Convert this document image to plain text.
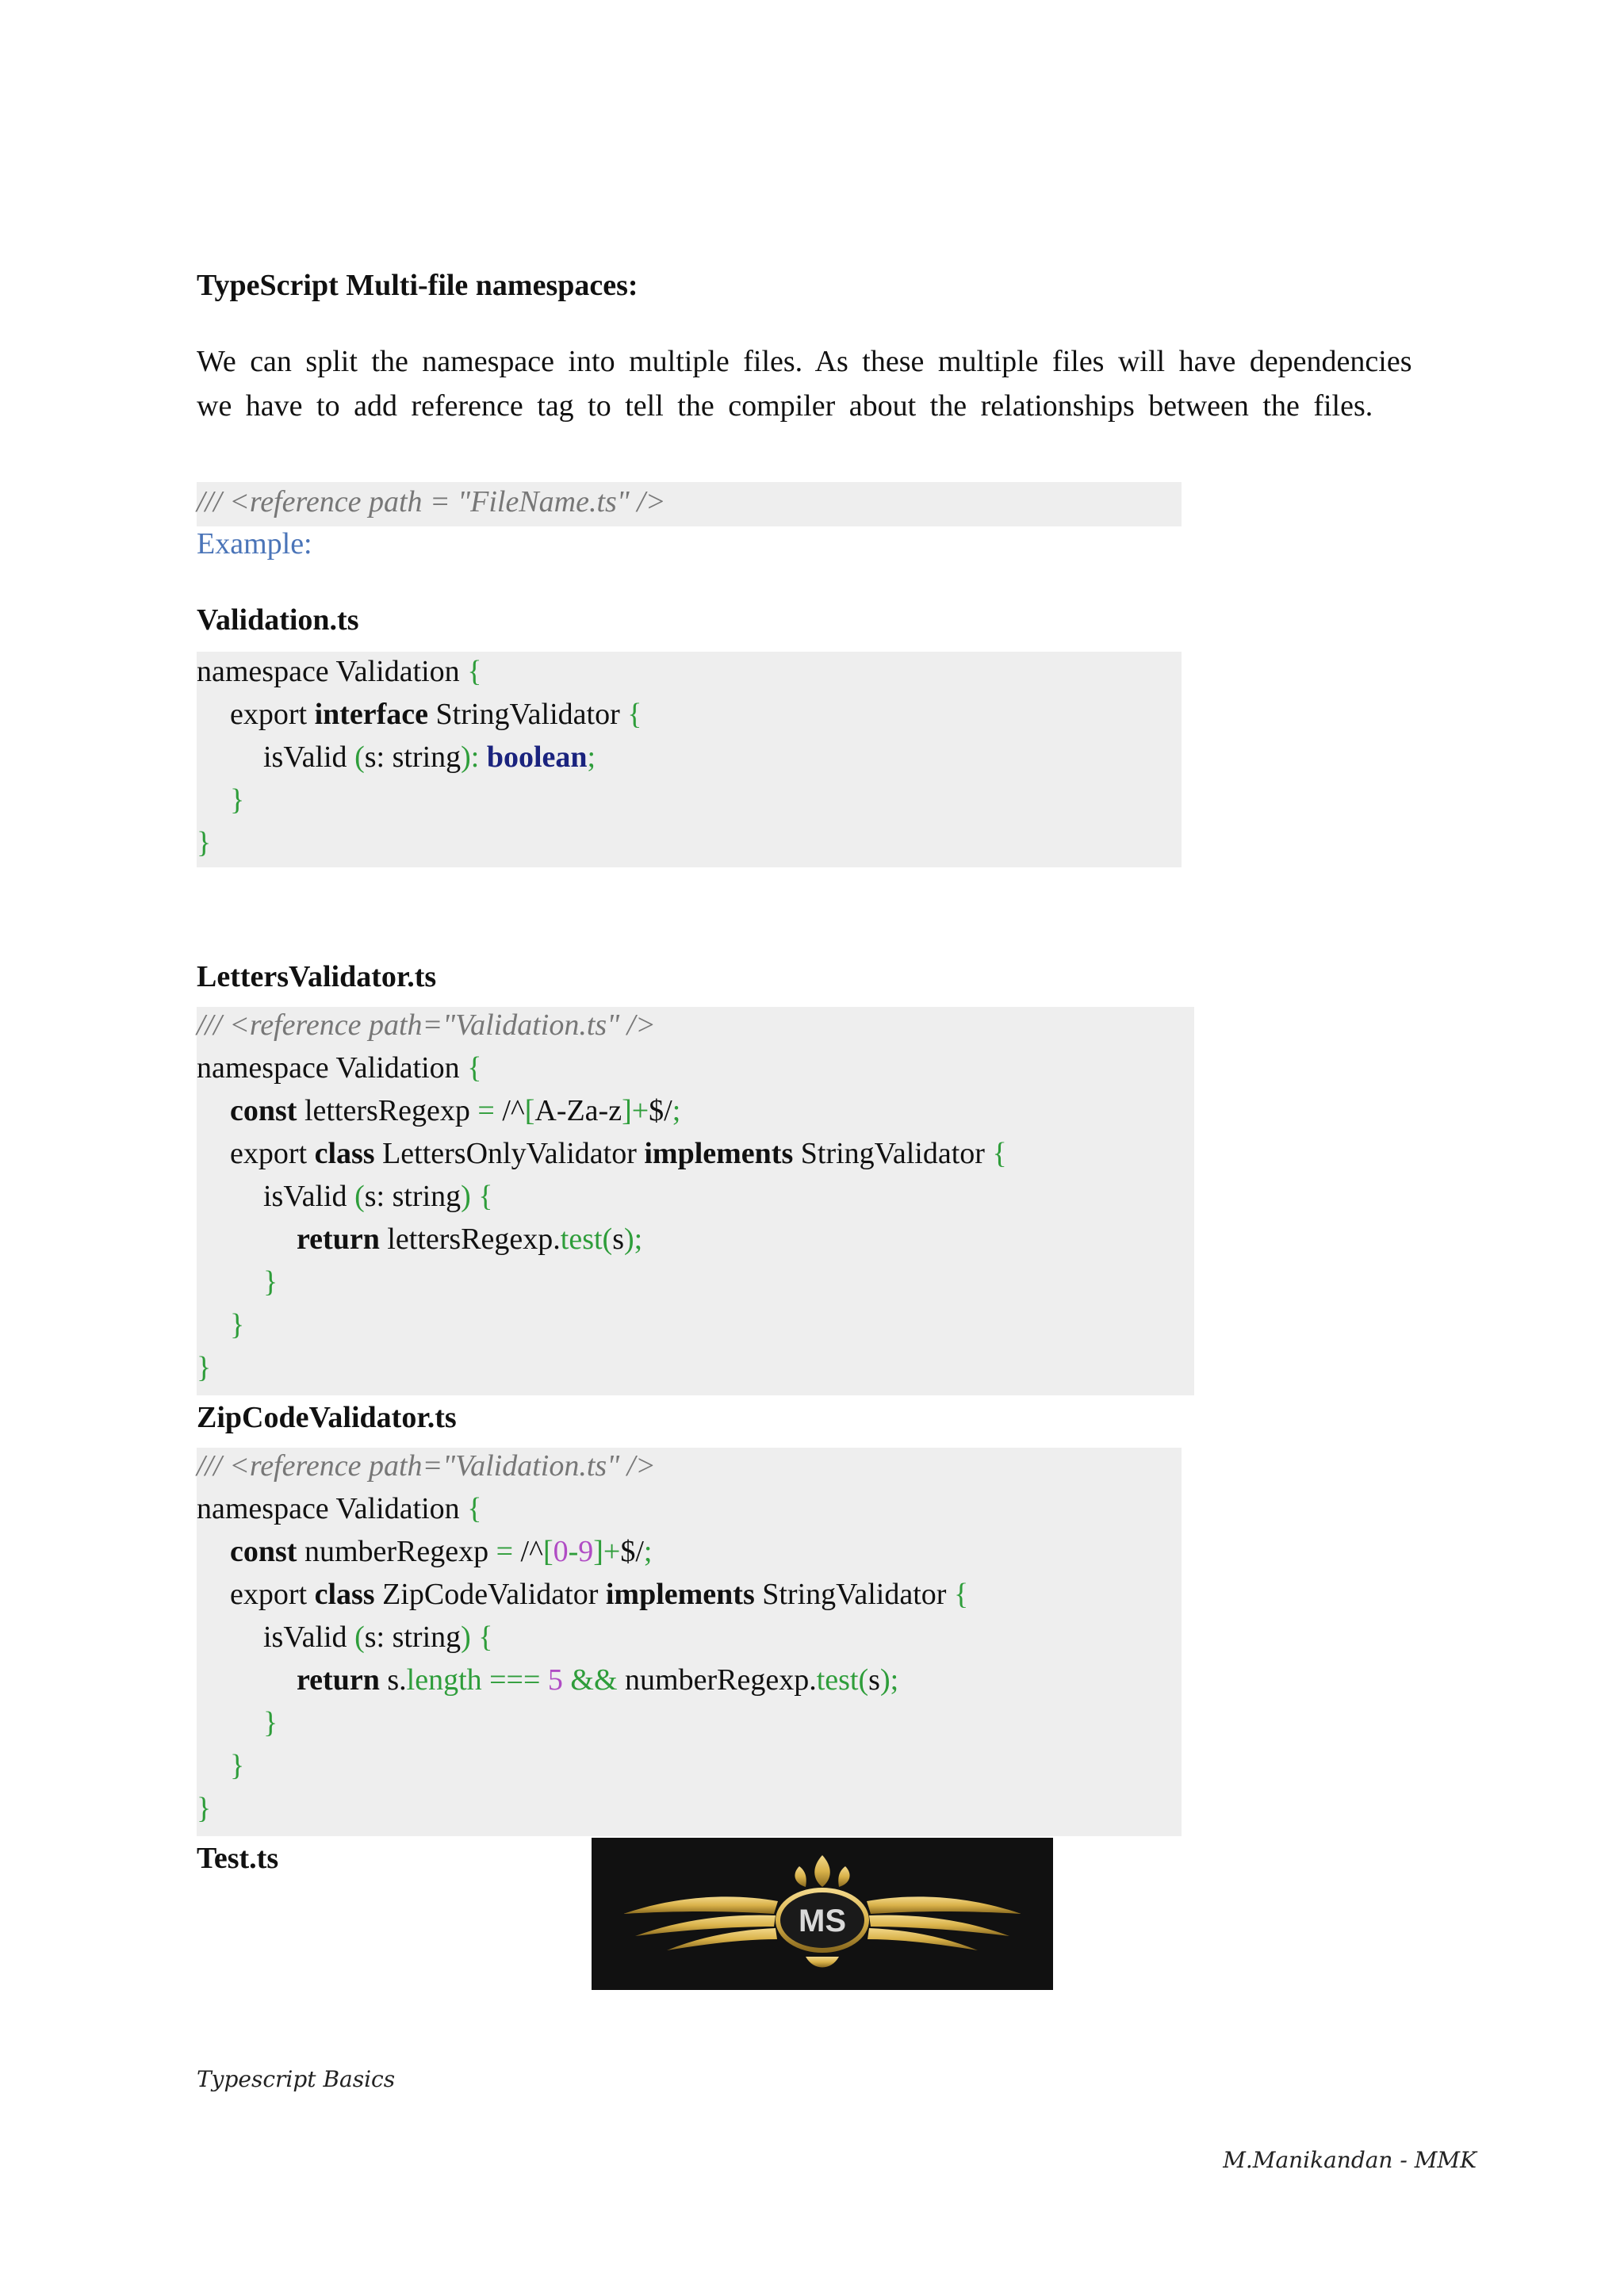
TypeScript Multi-file namespaces:
We can split the namespace into multiple files. As these multiple files will have dependencies
we have to add reference tag to tell the compiler about the relationships between the files.
/// <reference path = "FileName.ts" />
Example:
Validation.ts
namespace Validation {
export interface StringValidator {
isValid (s: string): boolean;
}
}
LettersValidator.ts
/// <reference path="Validation.ts" />
namespace Validation {
const lettersRegexp = /^[A-Za-z]+$/;
export class LettersOnlyValidator implements StringValidator {
isValid (s: string) {
return lettersRegexp.test(s);
}
}
}
ZipCodeValidator.ts
/// <reference path="Validation.ts" />
namespace Validation {
const numberRegexp = /^[0-9]+$/;
export class ZipCodeValidator implements StringValidator {
isValid (s: string) {
return s.length === 5 && numberRegexp.test(s);
}
}
}
Test.ts
MS
Typescript Basics
M.Manikandan - MMK
